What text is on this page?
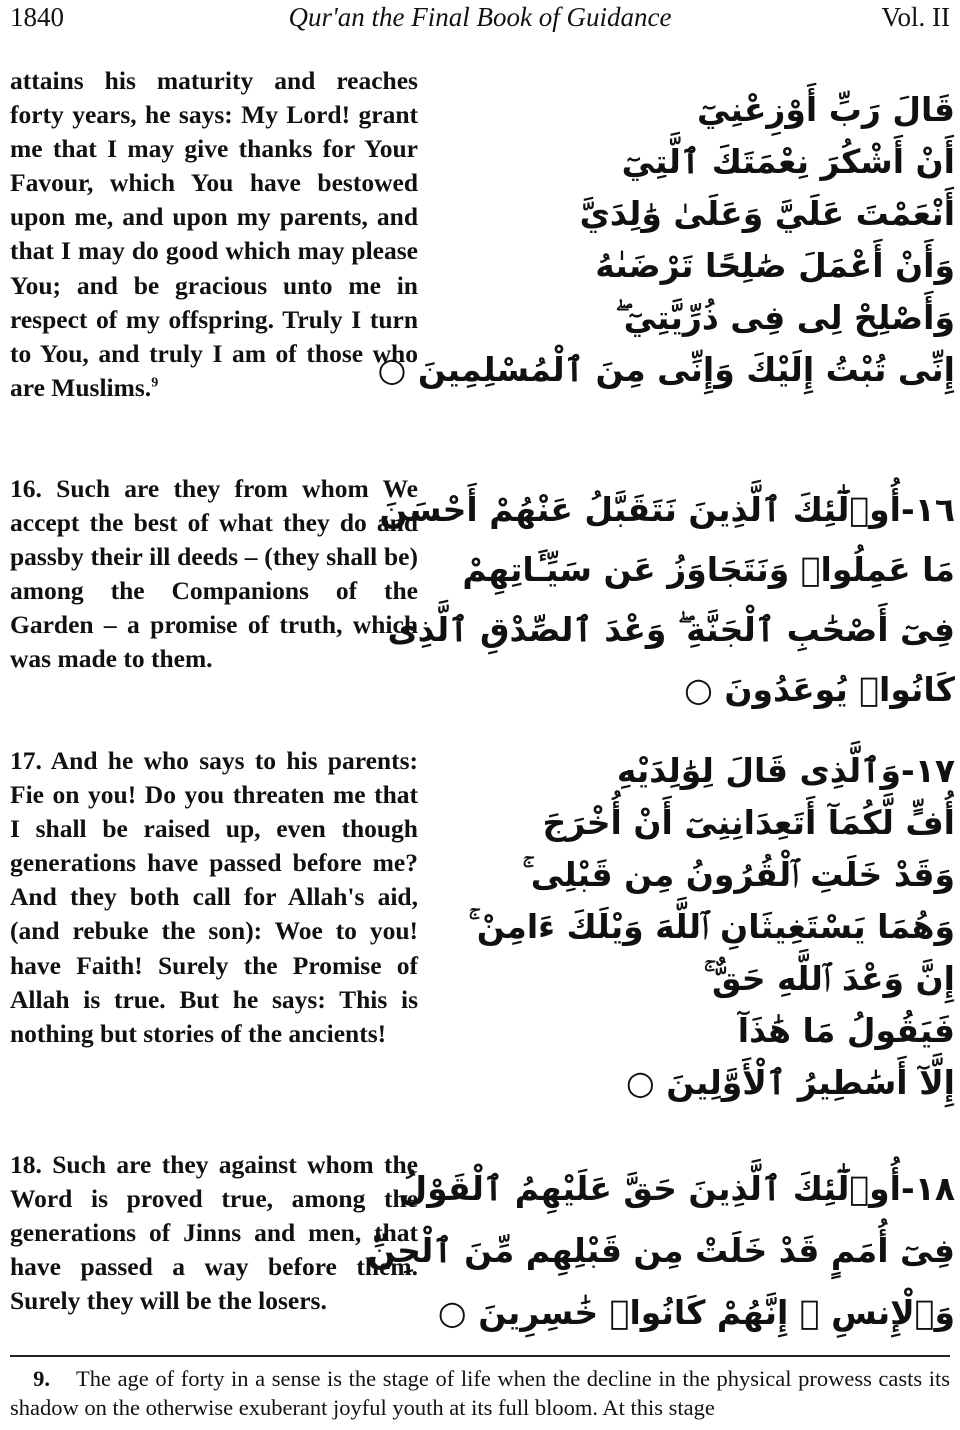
1840	Qur'an the Final Book of Guidance	Vol. II

attains his maturity and reaches forty years, he says: My Lord! grant me that I may give thanks for Your Favour, which You have bestowed upon me, and upon my parents, and that I may do good which may please You; and be gracious unto me in respect of my offspring. Truly I turn to You, and truly I am of those who are Muslims.$^9$

قَالَ رَبِّ أَوْزِعْنِيٓ
أَنْ أَشْكُرَ نِعْمَتَكَ ٱلَّتِيٓ
أَنْعَمْتَ عَلَيَّ وَعَلَىٰ وَٰلِدَيَّ
وَأَنْ أَعْمَلَ صَٰلِحًا تَرْضَىٰهُ
وَأَصْلِحْ لِى فِى ذُرِّيَّتِيٓ ۖ
إِنِّى تُبْتُ إِلَيْكَ وَإِنِّى مِنَ ٱلْمُسْلِمِينَ ○

16. Such are they from whom We accept the best of what they do and passby their ill deeds – (they shall be) among the Companions of the Garden – a promise of truth, which was made to them.

١٦-أُو۟لَٰٓئِكَ ٱلَّذِينَ نَتَقَبَّلُ عَنْهُمْ أَحْسَنَ
مَا عَمِلُوا۟ وَنَتَجَاوَزُ عَن سَيِّـَٔاتِهِمْ
فِىٓ أَصْحَٰبِ ٱلْجَنَّةِ ۖ وَعْدَ ٱلصِّدْقِ ٱلَّذِى
كَانُوا۟ يُوعَدُونَ ○

17. And he who says to his parents: Fie on you! Do you threaten me that I shall be raised up, even though generations have passed before me? And they both call for Allah's aid, (and rebuke the son): Woe to you! have Faith! Surely the Promise of Allah is true. But he says: This is nothing but stories of the ancients!

١٧-وَٱلَّذِى قَالَ لِوَٰلِدَيْهِ
أُفٍّ لَّكُمَآ أَتَعِدَانِنِىٓ أَنْ أُخْرَجَ
وَقَدْ خَلَتِ ٱلْقُرُونُ مِن قَبْلِى ۚ
وَهُمَا يَسْتَغِيثَانِ ٱللَّهَ وَيْلَكَ ءَامِنْ ۚ
إِنَّ وَعْدَ ٱللَّهِ حَقٌّ ۚ
فَيَقُولُ مَا هَٰذَآ
إِلَّآ أَسَٰطِيرُ ٱلْأَوَّلِينَ ○

18. Such are they against whom the Word is proved true, among the generations of Jinns and men, that have passed a way before them. Surely they will be the losers.

١٨-أُو۟لَٰٓئِكَ ٱلَّذِينَ حَقَّ عَلَيْهِمُ ٱلْقَوْلُ
فِىٓ أُمَمٍ قَدْ خَلَتْ مِن قَبْلِهِم مِّنَ ٱلْجِنِّ
وَٱلْإِنسِ ۖ إِنَّهُمْ كَانُوا۟ خَٰسِرِينَ ○

9. The age of forty in a sense is the stage of life when the decline in the physical prowess casts its shadow on the otherwise exuberant joyful youth at its full bloom. At this stage
